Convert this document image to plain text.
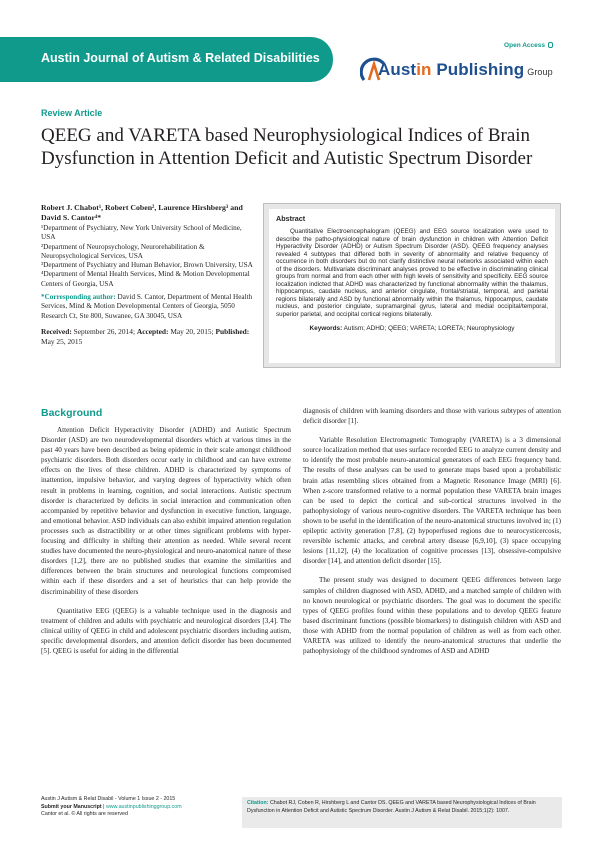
Austin Journal of Autism & Related Disabilities
Open Access
Austin Publishing Group
Review Article
QEEG and VARETA based Neurophysiological Indices of Brain Dysfunction in Attention Deficit and Autistic Spectrum Disorder
Robert J. Chabot¹, Robert Coben², Laurence Hirshberg³ and David S. Cantor⁴*
¹Department of Psychiatry, New York University School of Medicine, USA
²Department of Neuropsychology, Neurorehabilitation & Neuropsychological Services, USA
³Department of Psychiatry and Human Behavior, Brown University, USA
⁴Department of Mental Health Services, Mind & Motion Developmental Centers of Georgia, USA
*Corresponding author: David S. Cantor, Department of Mental Health Services, Mind & Motion Developmental Centers of Georgia, 5050 Research Ct, Ste 800, Suwanee, GA 30045, USA
Received: September 26, 2014; Accepted: May 20, 2015; Published: May 25, 2015
Abstract
Quantitative Electroencephalogram (QEEG) and EEG source localization were used to describe the patho-physiological nature of brain dysfunction in children with Attention Deficit Hyperactivity Disorder (ADHD) or Autism Spectrum Disorder (ASD). QEEG frequency analyses revealed 4 subtypes that differed both in severity of abnormality and relative frequency of occurrence in both disorders but do not clarify distinctive neural networks associated within each of the disorders. Multivariate discriminant analyses proved to be effective in discriminating clinical groups from normal and from each other with high levels of sensitivity and specificity. EEG source localization indicted that ADHD was characterized by functional abnormality within the thalamus, hippocampus, caudate nucleus, and anterior cingulate, frontal/striatal, temporal, and parietal regions bilaterally and ASD by functional abnormality within the thalamus, hippocampus, caudate nucleus, and posterior cingulate, supramarginal gyrus, lateral and medial occipital/temporal, superior parietal, and occipital cortical regions bilaterally.
Keywords: Autism; ADHD; QEEG; VARETA; LORETA; Neurophysiology
Background

Attention Deficit Hyperactivity Disorder (ADHD) and Autistic Spectrum Disorder (ASD) are two neurodevelopmental disorders which at various times in the past 40 years have been described as being epidemic in their scale amongst childhood psychiatric disorders. Both disorders occur early in childhood and can have extreme effects on the lives of these children. ADHD is characterized by symptoms of inattention, impulsive behavior, and varying degrees of hyperactivity which often result in problems in learning, cognition, and social interactions. Autistic spectrum disorder is characterized by deficits in social interaction and communication often accompanied by repetitive behavior and dysfunction in executive function, language, and emotional behavior. ASD individuals can also exhibit impaired attention regulation processes such as distractibility or at other times significant problems with hyper-focusing and difficulty in shifting their attention as needed. While several recent studies have documented the neuro-physiological and neuro-anatomical nature of these disorders [1,2], there are no published studies that examine the similarities and differences between the brain structures and neurological functions compromised within each if these disorders and a set of heuristics that can help provide the discriminability of these disorders

Quantitative EEG (QEEG) is a valuable technique used in the diagnosis and treatment of children and adults with psychiatric and neurological disorders [3,4]. The clinical utility of QEEG in child and adolescent psychiatric disorders including autism, specific developmental disorders, and attention deficit disorder has been documented [5]. QEEG is useful for aiding in the differential

diagnosis of children with learning disorders and those with various subtypes of attention deficit disorder [1].

Variable Resolution Electromagnetic Tomography (VARETA) is a 3 dimensional source localization method that uses surface recorded EEG to analyze current density and to identify the most probable neuro-anatomical generators of each EEG frequency band. The results of these analyses can be used to generate maps based upon a probabilistic brain atlas resembling slices obtained from a Magnetic Resonance Image (MRI) [6]. When z-score transformed relative to a normal population these VARETA brain images can be used to depict the cortical and sub-cortical structures involved in the pathophysiology of various neuro-cognitive disorders. The VARETA technique has been shown to be useful in the identification of the neuro-anatomical structures involved in; (1) epileptic activity generation [7,8], (2) hypoperfused regions due to neurocysticercosis, reversible ischemic attacks, and cerebral artery disease [6,9,10], (3) space occupying lesions [11,12], (4) the localization of cognitive processes [13], obsessive-compulsive disorder [14], and attention deficit disorder [15].

The present study was designed to document QEEG differences between large samples of children diagnosed with ASD, ADHD, and a matched sample of children with no known neurological or psychiatric disorders. The goal was to document the specific types of QEEG profiles found within these populations and to develop QEEG feature based discriminant functions (possible biomarkers) to distinguish children with ASD and those with ADHD from the normal population of children as well as from each other. VARETA was utilized to identify the neuro-anatomical structures that underlie the pathophysiology of the childhood syndromes of ASD and ADHD

Austin J Autism & Relat Disabil - Volume 1 Issue 2 - 2015
Submit your Manuscript | www.austinpublishinggroup.com
Cantor et al. © All rights are reserved
Citation: Chabot RJ, Coben R, Hirshberg L and Cantor DS. QEEG and VARETA based Neurophysiological Indices of Brain Dysfunction in Attention Deficit and Autistic Spectrum Disorder. Austin J Autism & Relat Disabil. 2015;1(2): 1007.
